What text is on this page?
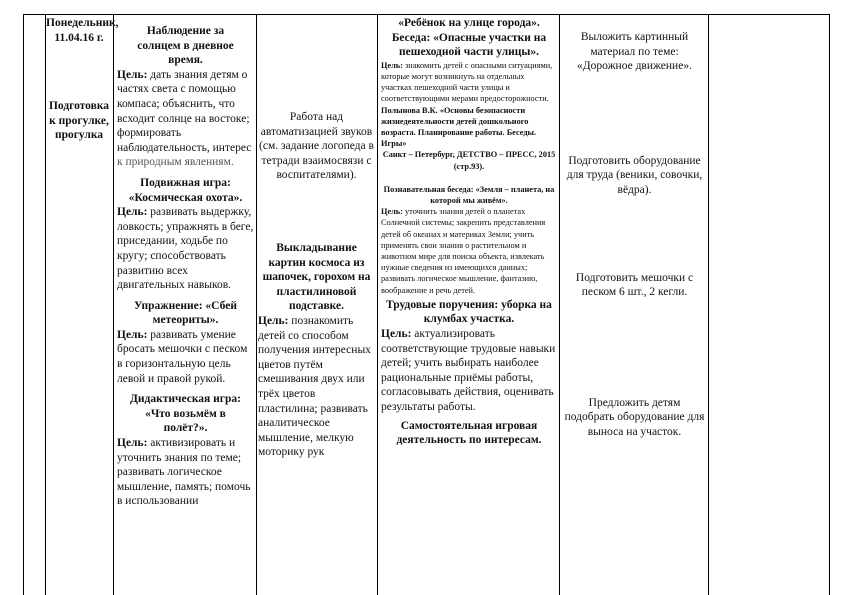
Понедельник, 11.04.16 г.

Подготовка к прогулке, прогулка

Наблюдение за солнцем в дневное время.

Цель: дать знания детям о частях света с помощью компаса; объяснить, что всходит солнце на востоке; формировать наблюдательность, интерес к природным явлениям.

Подвижная игра: «Космическая охота».

Цель: развивать выдержку, ловкость; упражнять в беге, приседании, ходьбе по кругу; способствовать развитию всех двигательных навыков.

Упражнение: «Сбей метеориты».

Цель: развивать умение бросать мешочки с песком в горизонтальную цель левой и правой рукой.

Дидактическая игра: «Что возьмём в полёт?».

Цель: активизировать и уточнить знания по теме; развивать логическое мышление, память; помочь в использовании

Работа над автоматизацией звуков (см. задание логопеда в тетради взаимосвязи с воспитателями).

Выкладывание картин космоса из шапочек, горохом на пластилиновой подставке.

Цель: познакомить детей со способом получения интересных цветов путём смешивания двух или трёх цветов пластилина; развивать аналитическое мышление, мелкую моторику рук

«Ребёнок на улице города». Беседа: «Опасные участки на пешеходной части улицы».

Цель: знакомить детей с опасными ситуациями, которые могут возникнуть на отдельных участках пешеходной части улицы и соответствующими мерами предосторожности.

Полынова В.К. «Основы безопасности жизнедеятельности детей дошкольного возраста. Планирование работы. Беседы. Игры»

Санкт – Петербург, ДЕТСТВО – ПРЕСС, 2015 (стр.93).

Познавательная беседа: «Земля – планета, на которой мы живём».

Цель: уточнить знания детей о планетах Солнечной системы; закрепить представления детей об океанах и материках Земли; учить применять свои знания о растительном и животном мире для поиска объекта, извлекать нужные сведения из имеющихся данных; развивать логическое мышление, фантазию, воображение и речь детей.

Трудовые поручения: уборка на клумбах участка.

Цель: актуализировать соответствующие трудовые навыки детей; учить выбирать наиболее рациональные приёмы работы, согласовывать действия, оценивать результаты работы.

Самостоятельная игровая деятельность по интересам.

Выложить картинный материал по теме: «Дорожное движение».

Подготовить оборудование для труда (веники, совочки, вёдра).

Подготовить мешочки с песком 6 шт., 2 кегли.

Предложить детям подобрать оборудование для выноса на участок.
